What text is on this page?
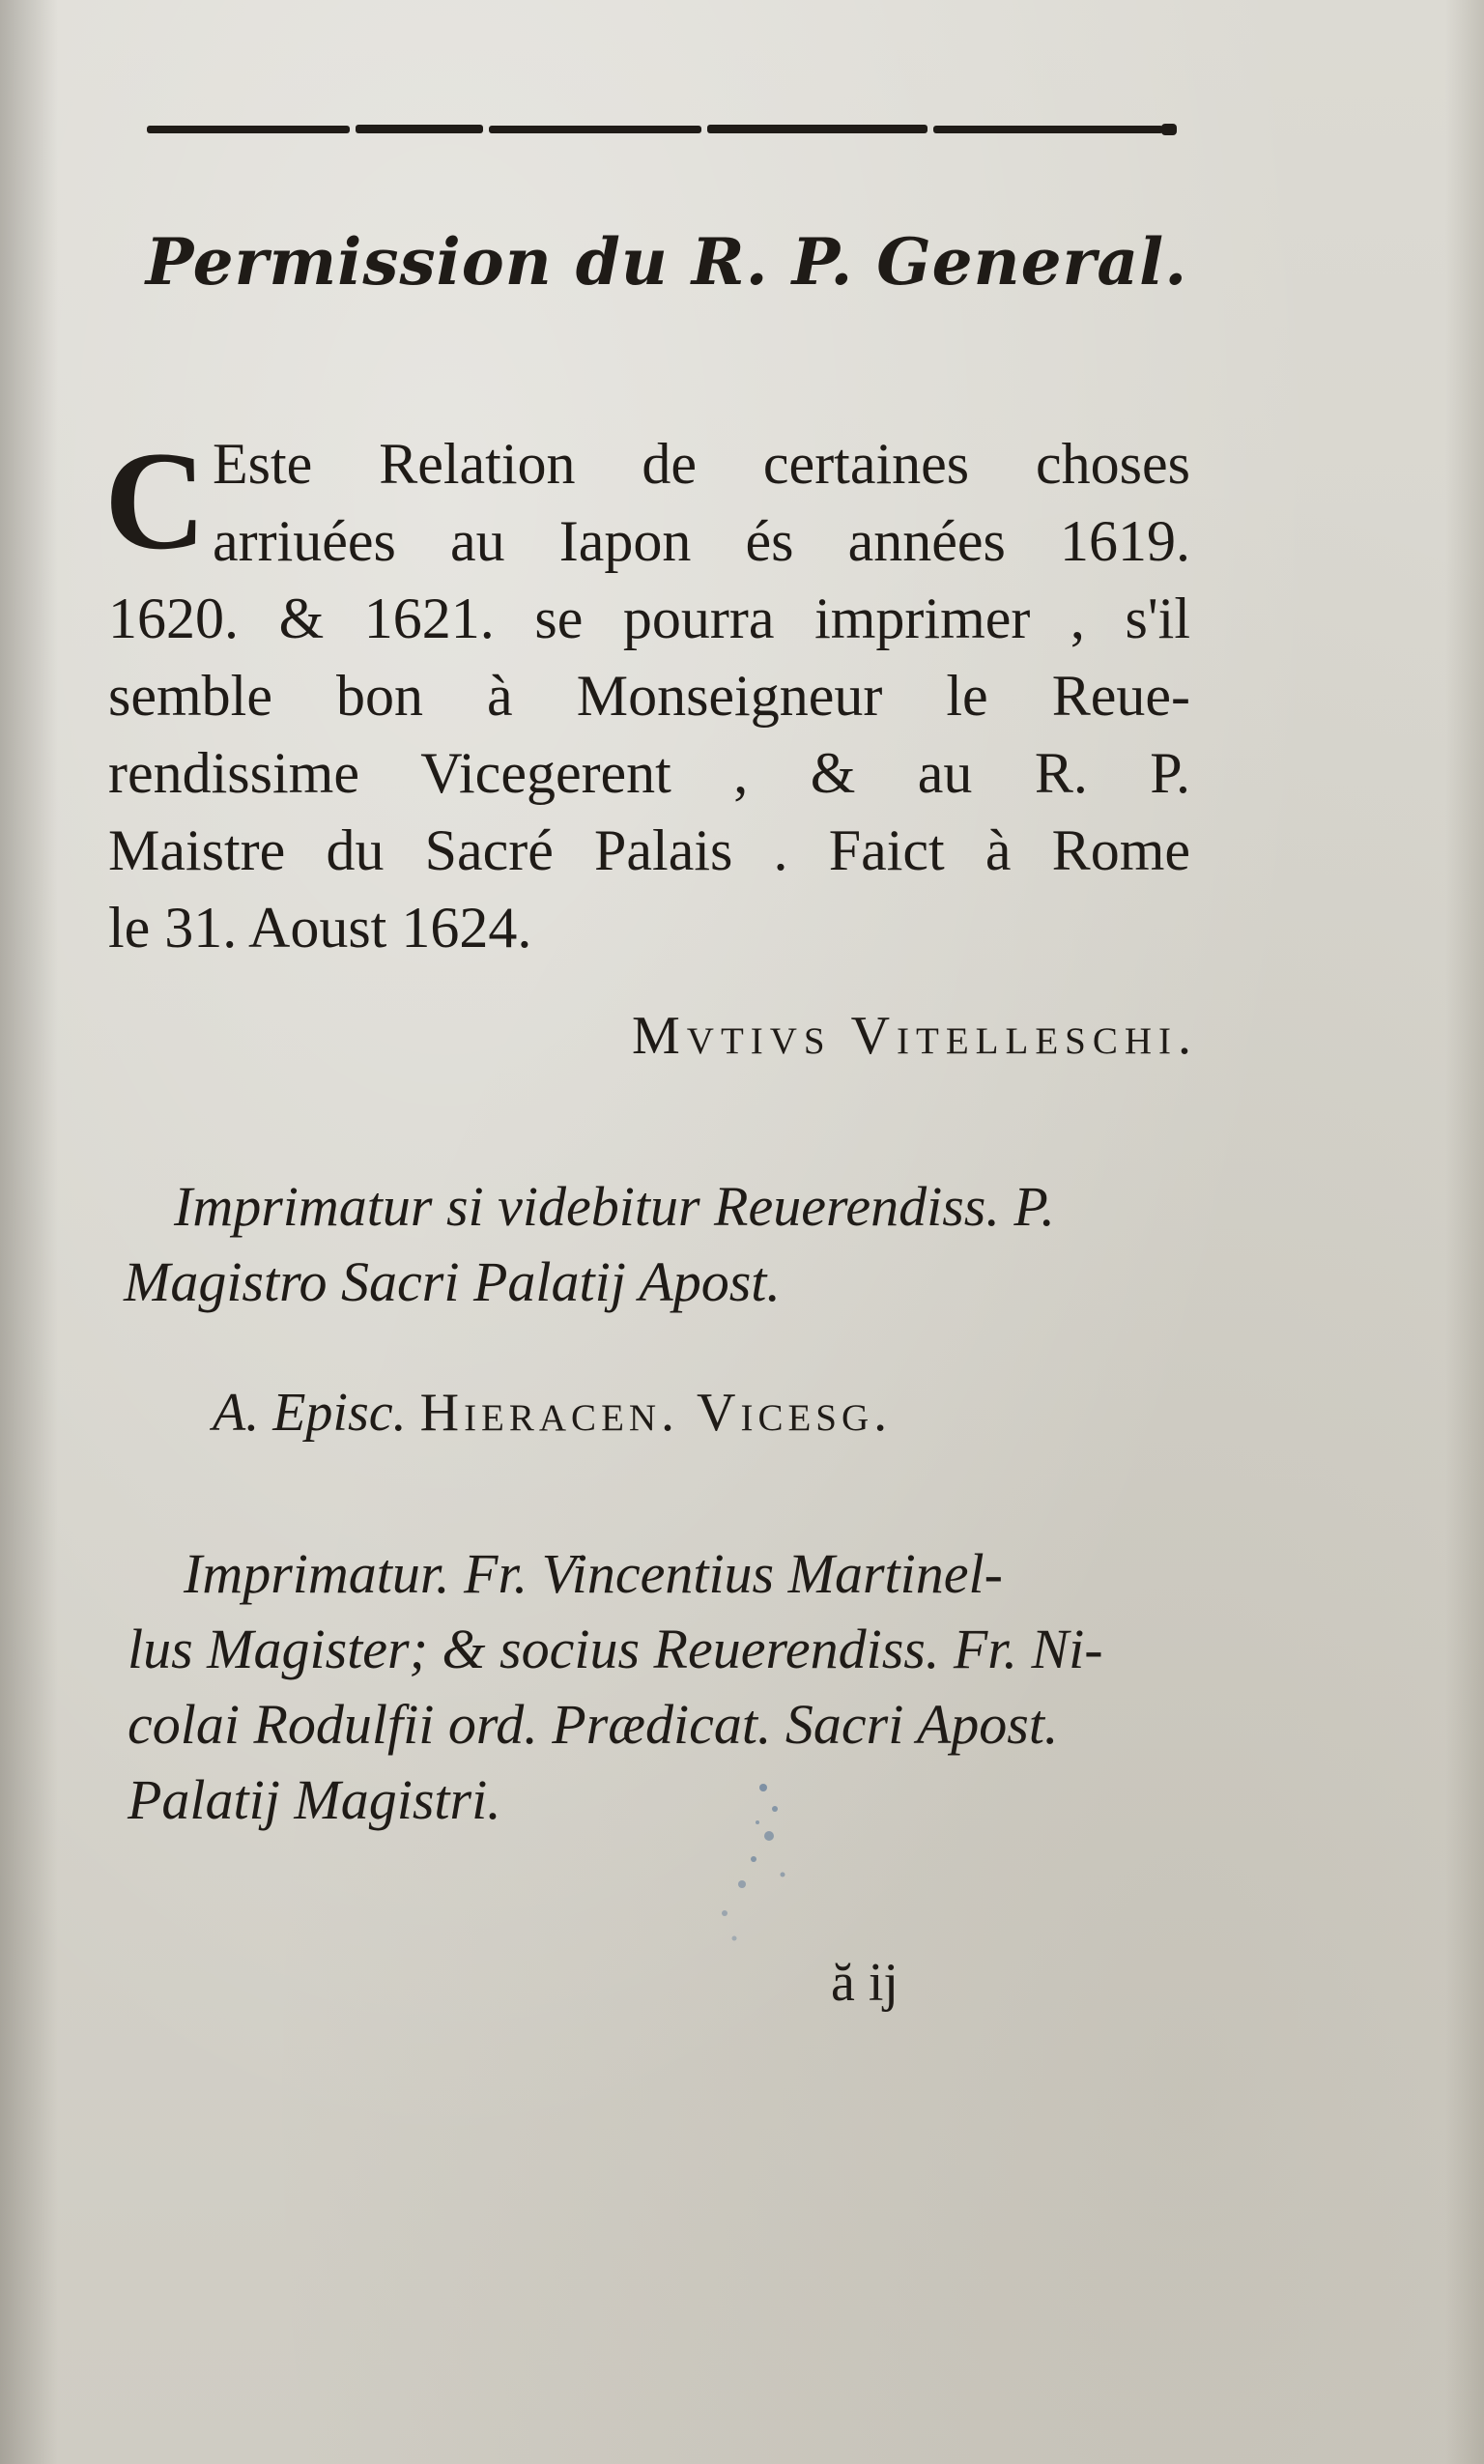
Permission du R. P. General.
C Este Relation de certaines choses
arriuées au Iapon és années 1619.
1620. & 1621. se pourra imprimer , s'il
semble bon à Monseigneur le Reue-
rendissime Vicegerent , & au R. P.
Maistre du Sacré Palais . Faict à Rome
le 31. Aoust 1624.
Mvtivs Vitelleschi.
Imprimatur si videbitur Reuerendiss. P.
Magistro Sacri Palatij Apost.
A. Episc. Hieracen. Vicesg.
Imprimatur. Fr. Vincentius Martinel-
lus Magister; & socius Reuerendiss. Fr. Ni-
colai Rodulfii ord. Prædicat. Sacri Apost.
Palatij Magistri.
ă ij
